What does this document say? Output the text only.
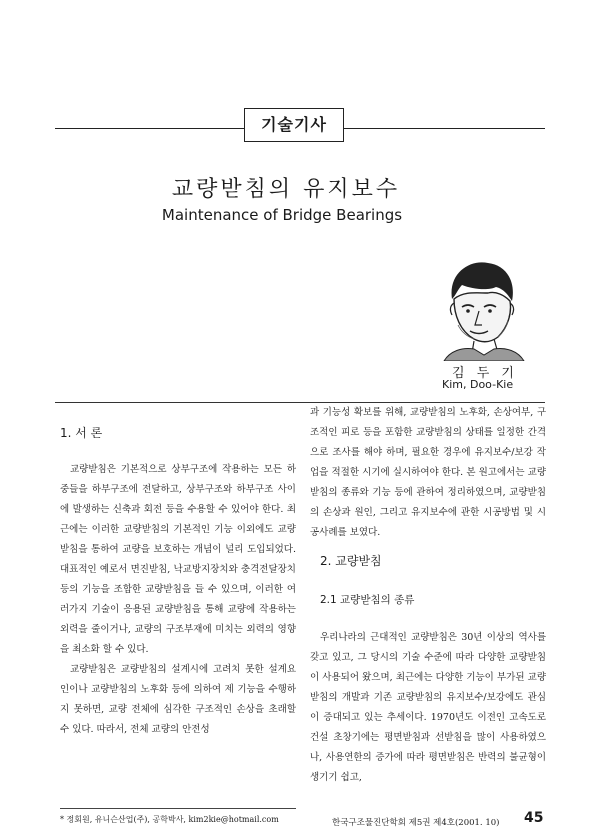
기술기사
교량받침의 유지보수
Maintenance of Bridge Bearings
김 두 기
Kim, Doo-Kie
1. 서 론

교량받침은 기본적으로 상부구조에 작용하는 모든 하중들을 하부구조에 전달하고, 상부구조와 하부구조 사이에 발생하는 신축과 회전 등을 수용할 수 있어야 한다. 최근에는 이러한 교량받침의 기본적인 기능 이외에도 교량받침을 통하여 교량을 보호하는 개념이 널리 도입되었다. 대표적인 예로서 면진받침, 낙교방지장치와 충격전달장치 등의 기능을 조합한 교량받침을 들 수 있으며, 이러한 여러가지 기술이 응용된 교량받침을 통해 교량에 작용하는 외력을 줄이거나, 교량의 구조부재에 미치는 외력의 영향을 최소화 할 수 있다.

교량받침은 교량받침의 설계시에 고려치 못한 설계요인이나 교량받침의 노후화 등에 의하여 제 기능을 수행하지 못하면, 교량 전체에 심각한 구조적인 손상을 초래할 수 있다. 따라서, 전체 교량의 안전성

과 기능성 확보를 위해, 교량받침의 노후화, 손상여부, 구조적인 피로 등을 포함한 교량받침의 상태를 일정한 간격으로 조사를 해야 하며, 필요한 경우에 유지보수/보강 작업을 적절한 시기에 실시하여야 한다. 본 원고에서는 교량받침의 종류와 기능 등에 관하여 정리하였으며, 교량받침의 손상과 원인, 그리고 유지보수에 관한 시공방법 및 시공사례를 보였다.

2. 교량받침
2.1 교량받침의 종류

우리나라의 근대적인 교량받침은 30년 이상의 역사를 갖고 있고, 그 당시의 기술 수준에 따라 다양한 교량받침이 사용되어 왔으며, 최근에는 다양한 기능이 부가된 교량받침의 개발과 기존 교량받침의 유지보수/보강에도 관심이 증대되고 있는 추세이다. 1970년도 이전인 고속도로 건설 초창기에는 평면받침과 선받침을 많이 사용하였으나, 사용연한의 증가에 따라 평면받침은 반력의 불균형이 생기기 쉽고,

* 정회원, 유니슨산업(주), 공학박사, kim2kie@hotmail.com	한국구조물진단학회 제5권 제4호(2001. 10) 45
